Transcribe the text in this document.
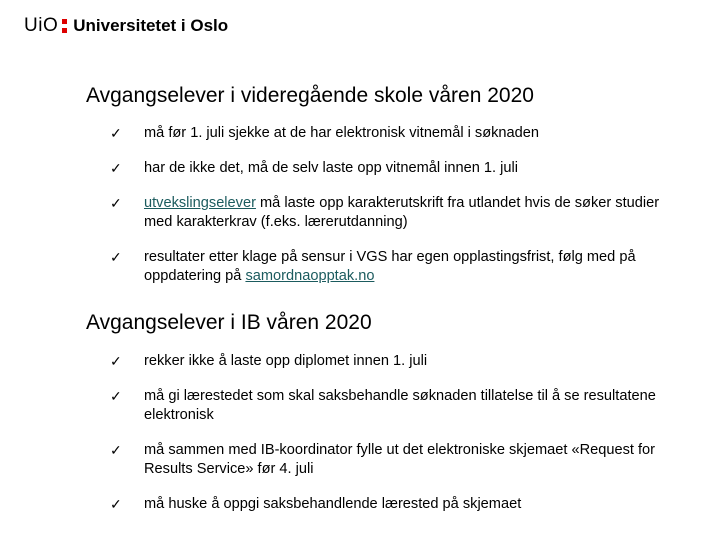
UiO Universitetet i Oslo
Avgangselever i videregående skole våren 2020
✓	må før 1. juli sjekke at de har elektronisk vitnemål i søknaden
✓	har de ikke det, må de selv laste opp vitnemål innen 1. juli
✓	utvekslingselever må laste opp karakterutskrift fra utlandet hvis de søker studier med karakterkrav (f.eks. lærerutdanning)
✓	resultater etter klage på sensur i VGS har egen opplastingsfrist, følg med på oppdatering på samordnaopptak.no
Avgangselever i IB våren 2020
✓	rekker ikke å laste opp diplomet innen 1. juli
✓	må gi lærestedet som skal saksbehandle søknaden tillatelse til å se resultatene elektronisk
✓	må sammen med IB-koordinator fylle ut det elektroniske skjemaet «Request for Results Service» før 4. juli
✓	må huske å oppgi saksbehandlende lærested på skjemaet
